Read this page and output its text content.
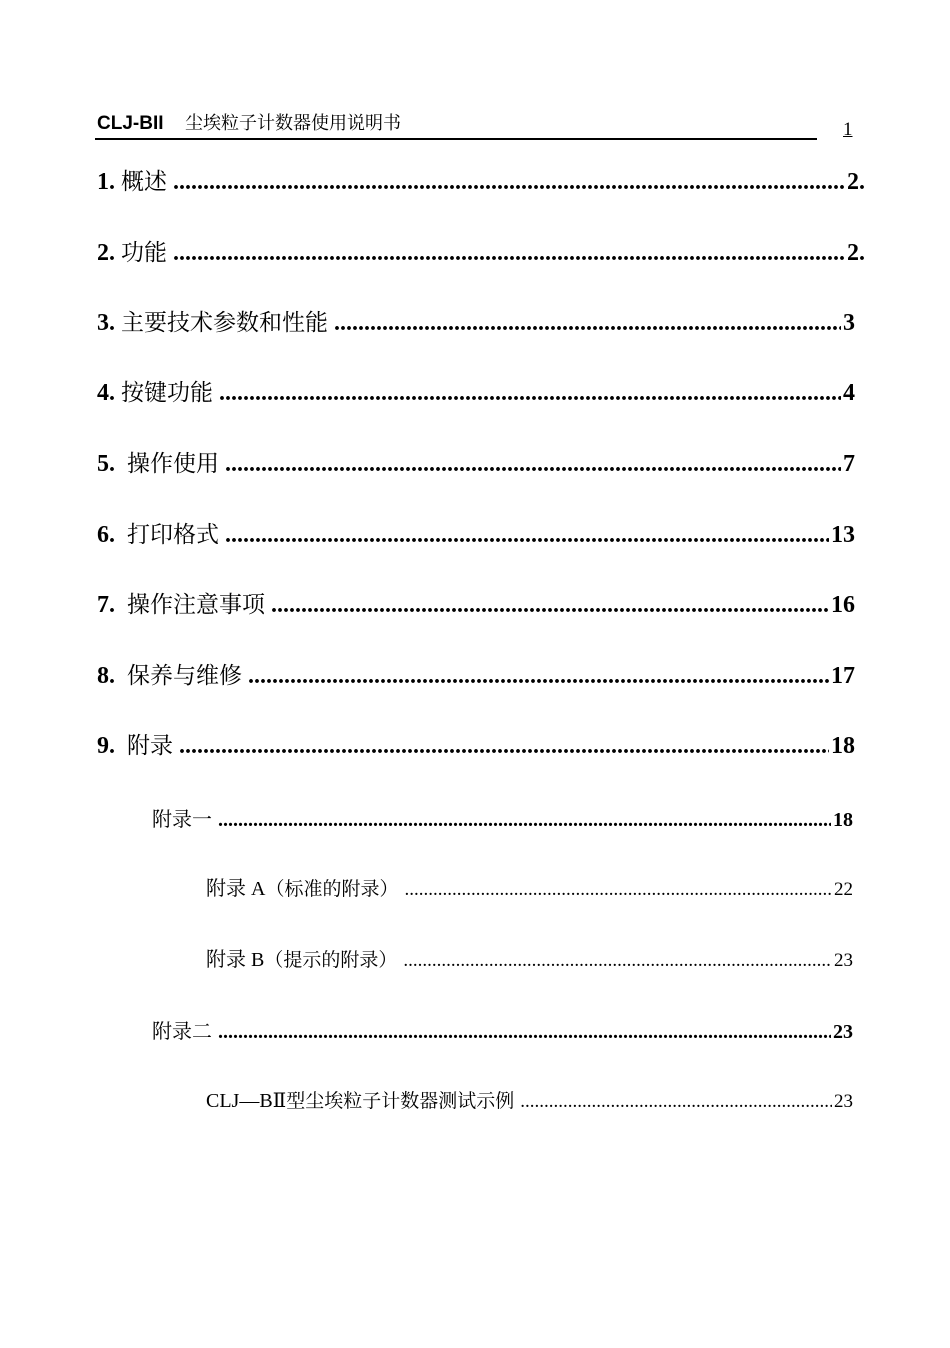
CLJ-BII 尘埃粒子计数器使用说明书	1
1. 概述 .....	2.
2. 功能 .....	2.
3. 主要技术参数和性能 .....	3
4. 按键功能 .....	4
5. 操作使用 .....	7
6. 打印格式 .....	13
7. 操作注意事项 .....	16
8. 保养与维修 .....	17
9. 附录 .....	18
附录一 .....	18
附录 A（标准的附录） .....	22
附录 B（提示的附录） .....	23
附录二 .....	23
CLJ—BⅡ型尘埃粒子计数器测试示例 .....	23
